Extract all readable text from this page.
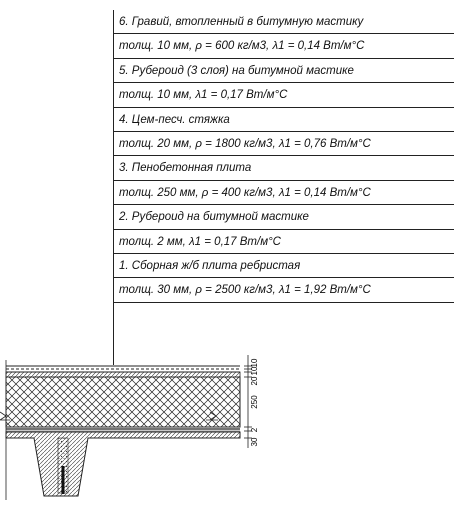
6. Гравий, втопленный в битумную мастику
толщ. 10 мм, ρ = 600 кг/м3, λ1 = 0,14 Вт/м°С
5. Рубероид (3 слоя) на битумной мастике
толщ. 10 мм, λ1 = 0,17 Вт/м°С
4. Цем-песч. стяжка
толщ. 20 мм, ρ = 1800 кг/м3, λ1 = 0,76 Вт/м°С
3. Пенобетонная плита
толщ. 250 мм, ρ = 400 кг/м3, λ1 = 0,14 Вт/м°С
2. Рубероид на битумной мастике
толщ. 2 мм, λ1 = 0,17 Вт/м°С
1. Сборная ж/б плита ребристая
толщ. 30 мм, ρ = 2500 кг/м3, λ1 = 1,92 Вт/м°С
10
10
20
250
2
30
